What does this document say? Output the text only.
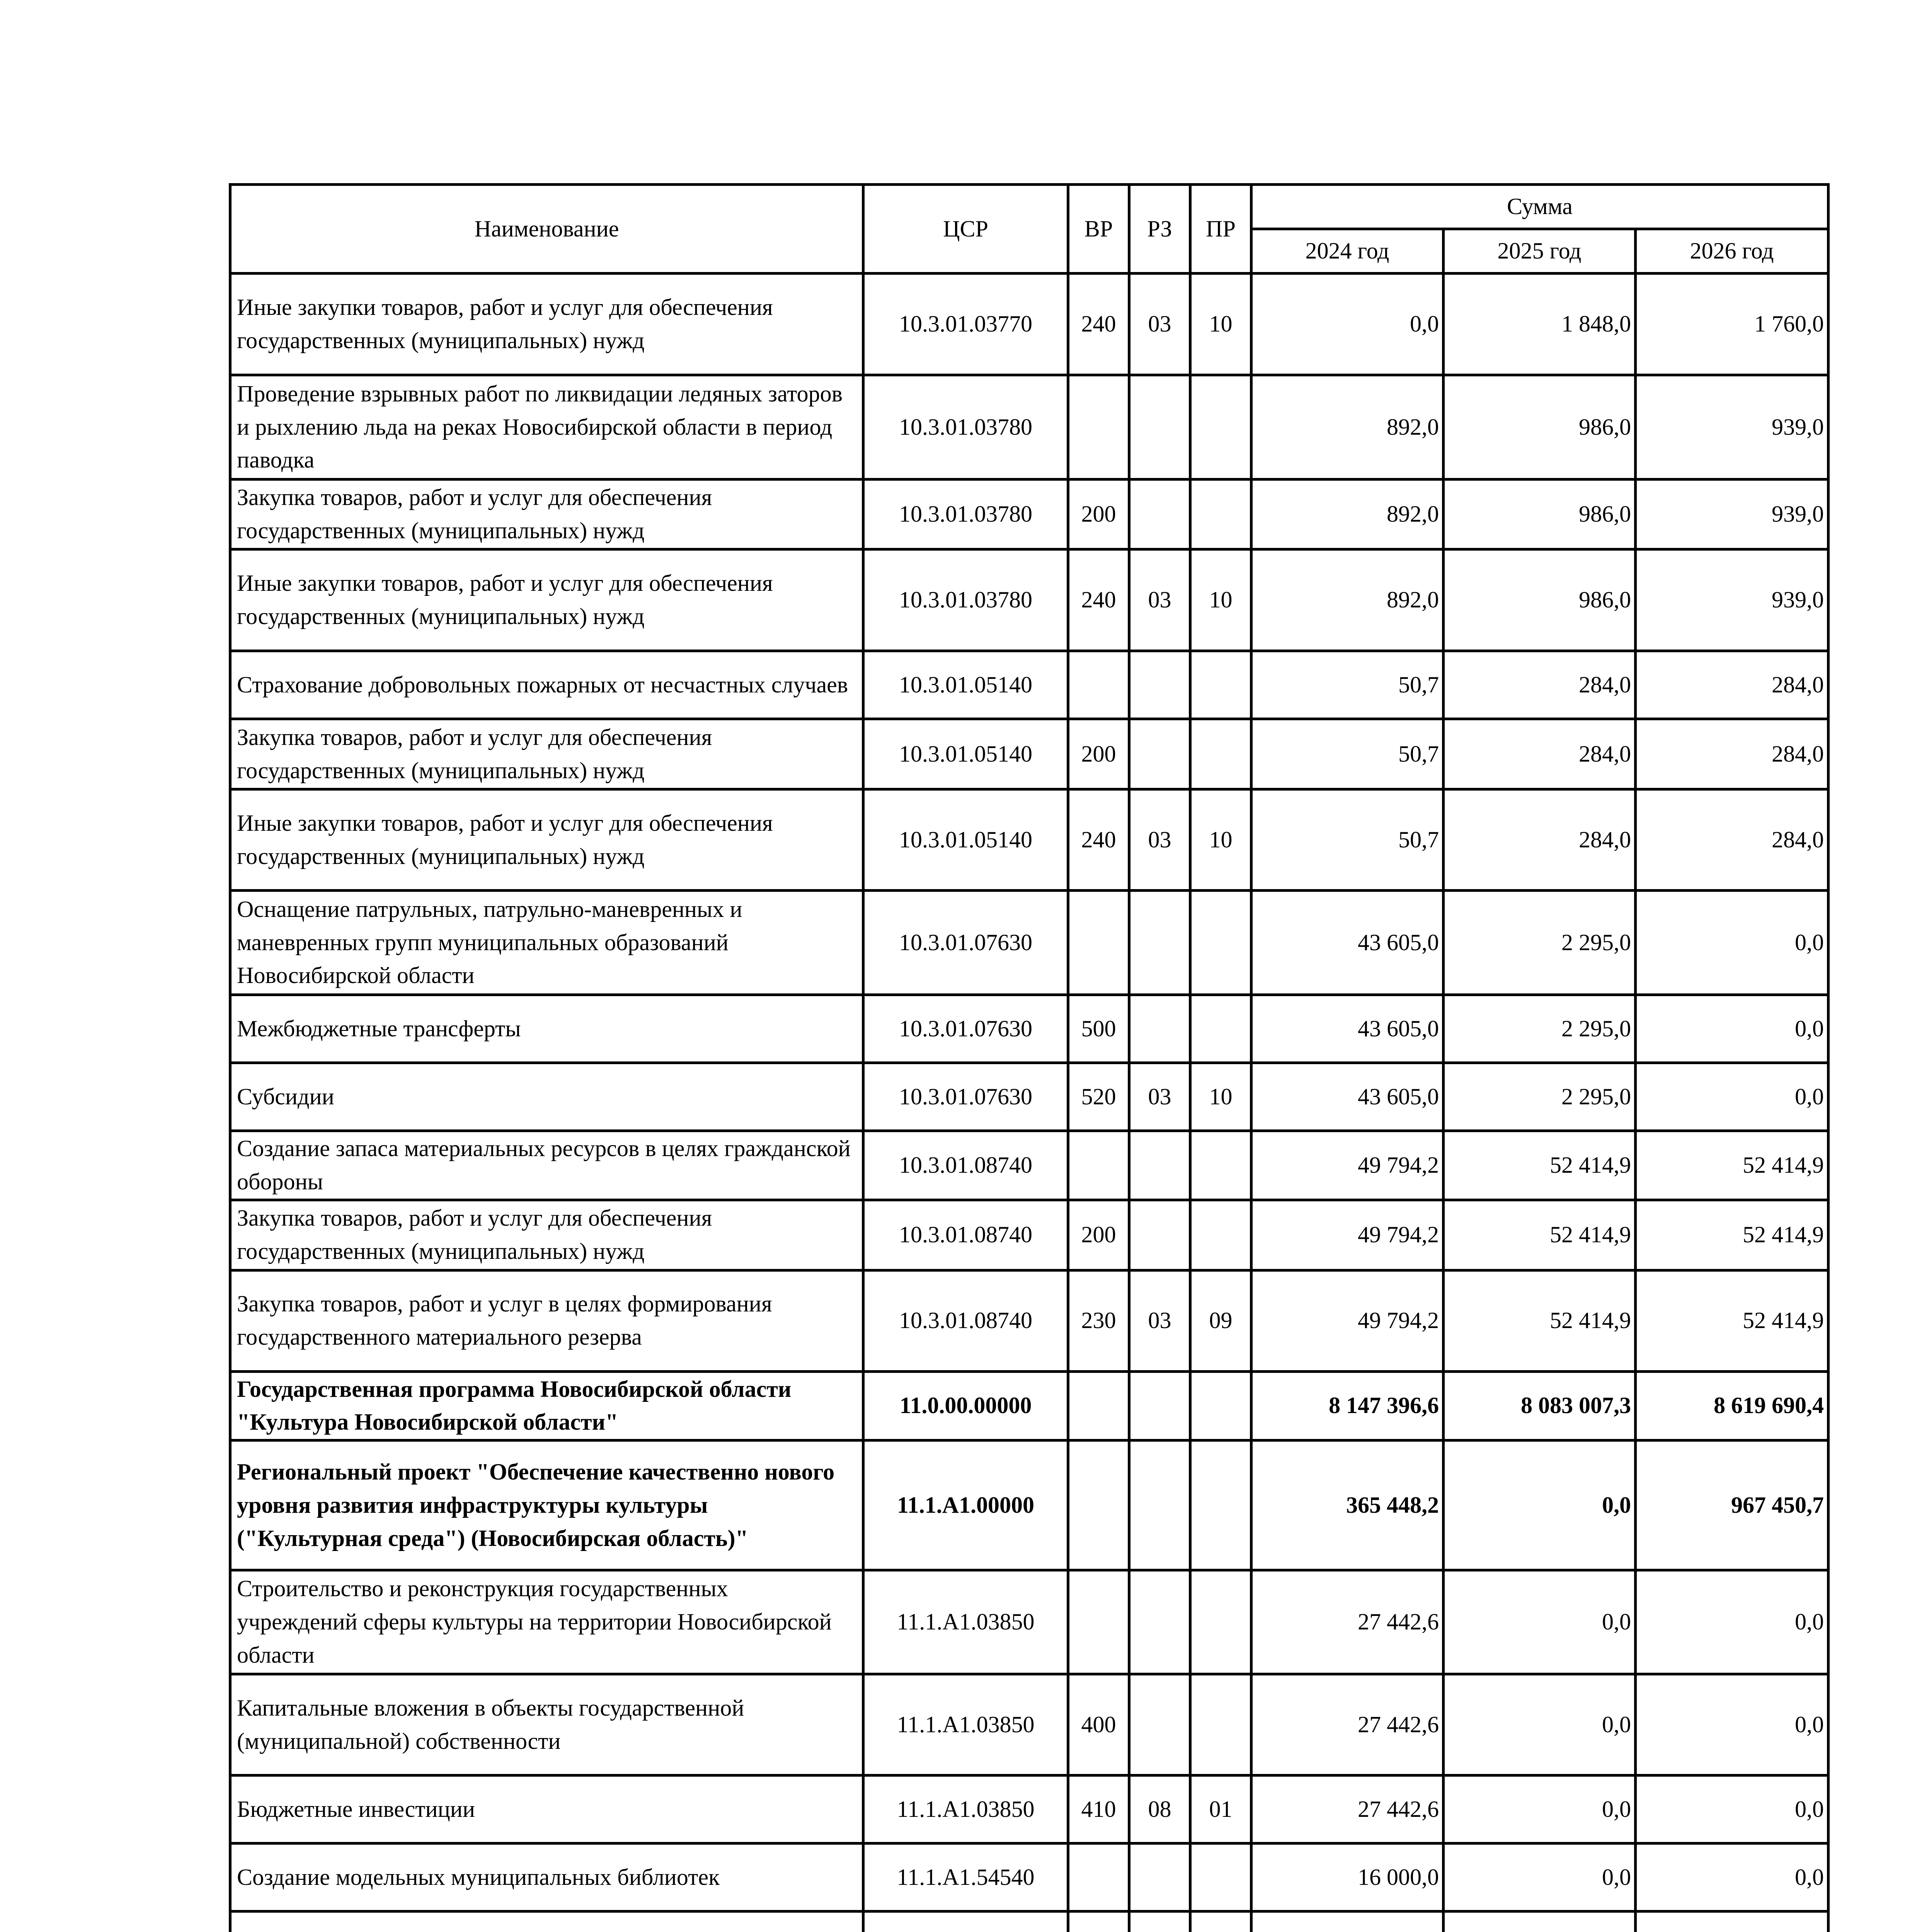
Наименование	ЦСР	ВР	РЗ	ПР	Сумма		
					2024 год	2025 год	2026 год
Иные закупки товаров, работ и услуг для обеспечения государственных (муниципальных) нужд	10.3.01.03770	240	03	10	0,0	1 848,0	1 760,0
Проведение взрывных работ по ликвидации ледяных заторов и рыхлению льда на реках Новосибирской области в период паводка	10.3.01.03780				892,0	986,0	939,0
Закупка товаров, работ и услуг для обеспечения государственных (муниципальных) нужд	10.3.01.03780	200			892,0	986,0	939,0
Иные закупки товаров, работ и услуг для обеспечения государственных (муниципальных) нужд	10.3.01.03780	240	03	10	892,0	986,0	939,0
Страхование добровольных пожарных от несчастных случаев	10.3.01.05140				50,7	284,0	284,0
Закупка товаров, работ и услуг для обеспечения государственных (муниципальных) нужд	10.3.01.05140	200			50,7	284,0	284,0
Иные закупки товаров, работ и услуг для обеспечения государственных (муниципальных) нужд	10.3.01.05140	240	03	10	50,7	284,0	284,0
Оснащение патрульных, патрульно-маневренных и маневренных групп муниципальных образований Новосибирской области	10.3.01.07630				43 605,0	2 295,0	0,0
Межбюджетные трансферты	10.3.01.07630	500			43 605,0	2 295,0	0,0
Субсидии	10.3.01.07630	520	03	10	43 605,0	2 295,0	0,0
Создание запаса материальных ресурсов в целях гражданской обороны	10.3.01.08740				49 794,2	52 414,9	52 414,9
Закупка товаров, работ и услуг для обеспечения государственных (муниципальных) нужд	10.3.01.08740	200			49 794,2	52 414,9	52 414,9
Закупка товаров, работ и услуг в целях формирования государственного материального резерва	10.3.01.08740	230	03	09	49 794,2	52 414,9	52 414,9
Государственная программа Новосибирской области "Культура Новосибирской области"	11.0.00.00000				8 147 396,6	8 083 007,3	8 619 690,4
Региональный проект "Обеспечение качественно нового уровня развития инфраструктуры культуры ("Культурная среда") (Новосибирская область)"	11.1.А1.00000				365 448,2	0,0	967 450,7
Строительство и реконструкция государственных учреждений сферы культуры на территории Новосибирской области	11.1.А1.03850				27 442,6	0,0	0,0
Капитальные вложения в объекты государственной (муниципальной) собственности	11.1.А1.03850	400			27 442,6	0,0	0,0
Бюджетные инвестиции	11.1.А1.03850	410	08	01	27 442,6	0,0	0,0
Создание модельных муниципальных библиотек	11.1.А1.54540				16 000,0	0,0	0,0
